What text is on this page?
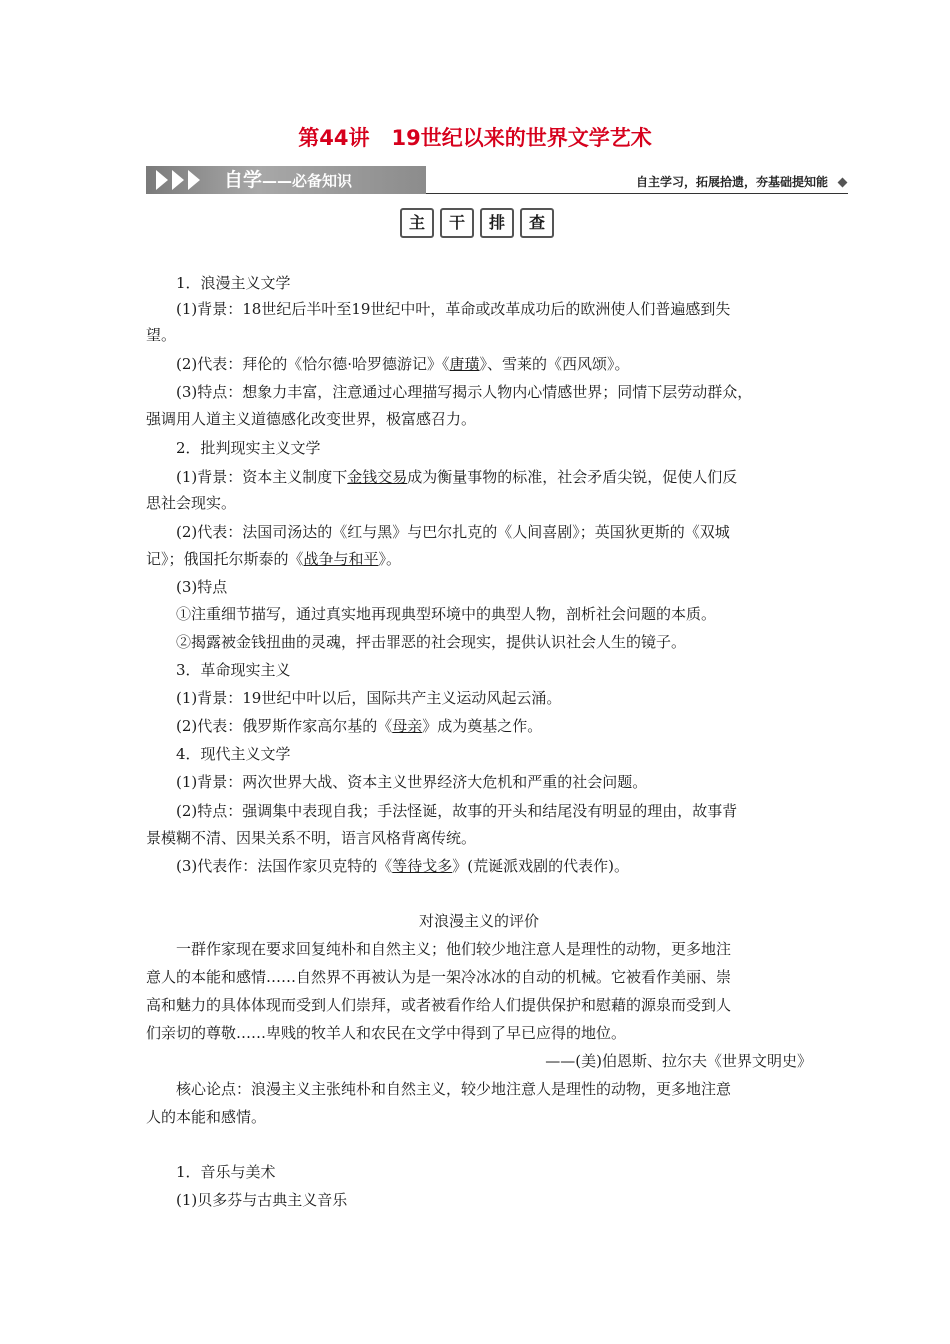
第44讲 19世纪以来的世界文学艺术
自学——必备知识	自主学习，拓展拾遗，夯基础提知能
主	干	排	查
1．浪漫主义文学
(1)背景：18世纪后半叶至19世纪中叶，革命或改革成功后的欧洲使人们普遍感到失
望。
(2)代表：拜伦的《恰尔德·哈罗德游记》《唐璜》、雪莱的《西风颂》。
(3)特点：想象力丰富，注意通过心理描写揭示人物内心情感世界；同情下层劳动群众，
强调用人道主义道德感化改变世界，极富感召力。
2．批判现实主义文学
(1)背景：资本主义制度下金钱交易成为衡量事物的标准，社会矛盾尖锐，促使人们反
思社会现实。
(2)代表：法国司汤达的《红与黑》与巴尔扎克的《人间喜剧》；英国狄更斯的《双城
记》；俄国托尔斯泰的《战争与和平》。
(3)特点
①注重细节描写，通过真实地再现典型环境中的典型人物，剖析社会问题的本质。
②揭露被金钱扭曲的灵魂，抨击罪恶的社会现实，提供认识社会人生的镜子。
3．革命现实主义
(1)背景：19世纪中叶以后，国际共产主义运动风起云涌。
(2)代表：俄罗斯作家高尔基的《母亲》成为奠基之作。
4．现代主义文学
(1)背景：两次世界大战、资本主义世界经济大危机和严重的社会问题。
(2)特点：强调集中表现自我；手法怪诞，故事的开头和结尾没有明显的理由，故事背
景模糊不清、因果关系不明，语言风格背离传统。
(3)代表作：法国作家贝克特的《等待戈多》(荒诞派戏剧的代表作)。
对浪漫主义的评价
一群作家现在要求回复纯朴和自然主义；他们较少地注意人是理性的动物，更多地注
意人的本能和感情……自然界不再被认为是一架冷冰冰的自动的机械。它被看作美丽、崇
高和魅力的具体体现而受到人们崇拜，或者被看作给人们提供保护和慰藉的源泉而受到人
们亲切的尊敬……卑贱的牧羊人和农民在文学中得到了早已应得的地位。
——(美)伯恩斯、拉尔夫《世界文明史》
核心论点：浪漫主义主张纯朴和自然主义，较少地注意人是理性的动物，更多地注意
人的本能和感情。
1．音乐与美术
(1)贝多芬与古典主义音乐
